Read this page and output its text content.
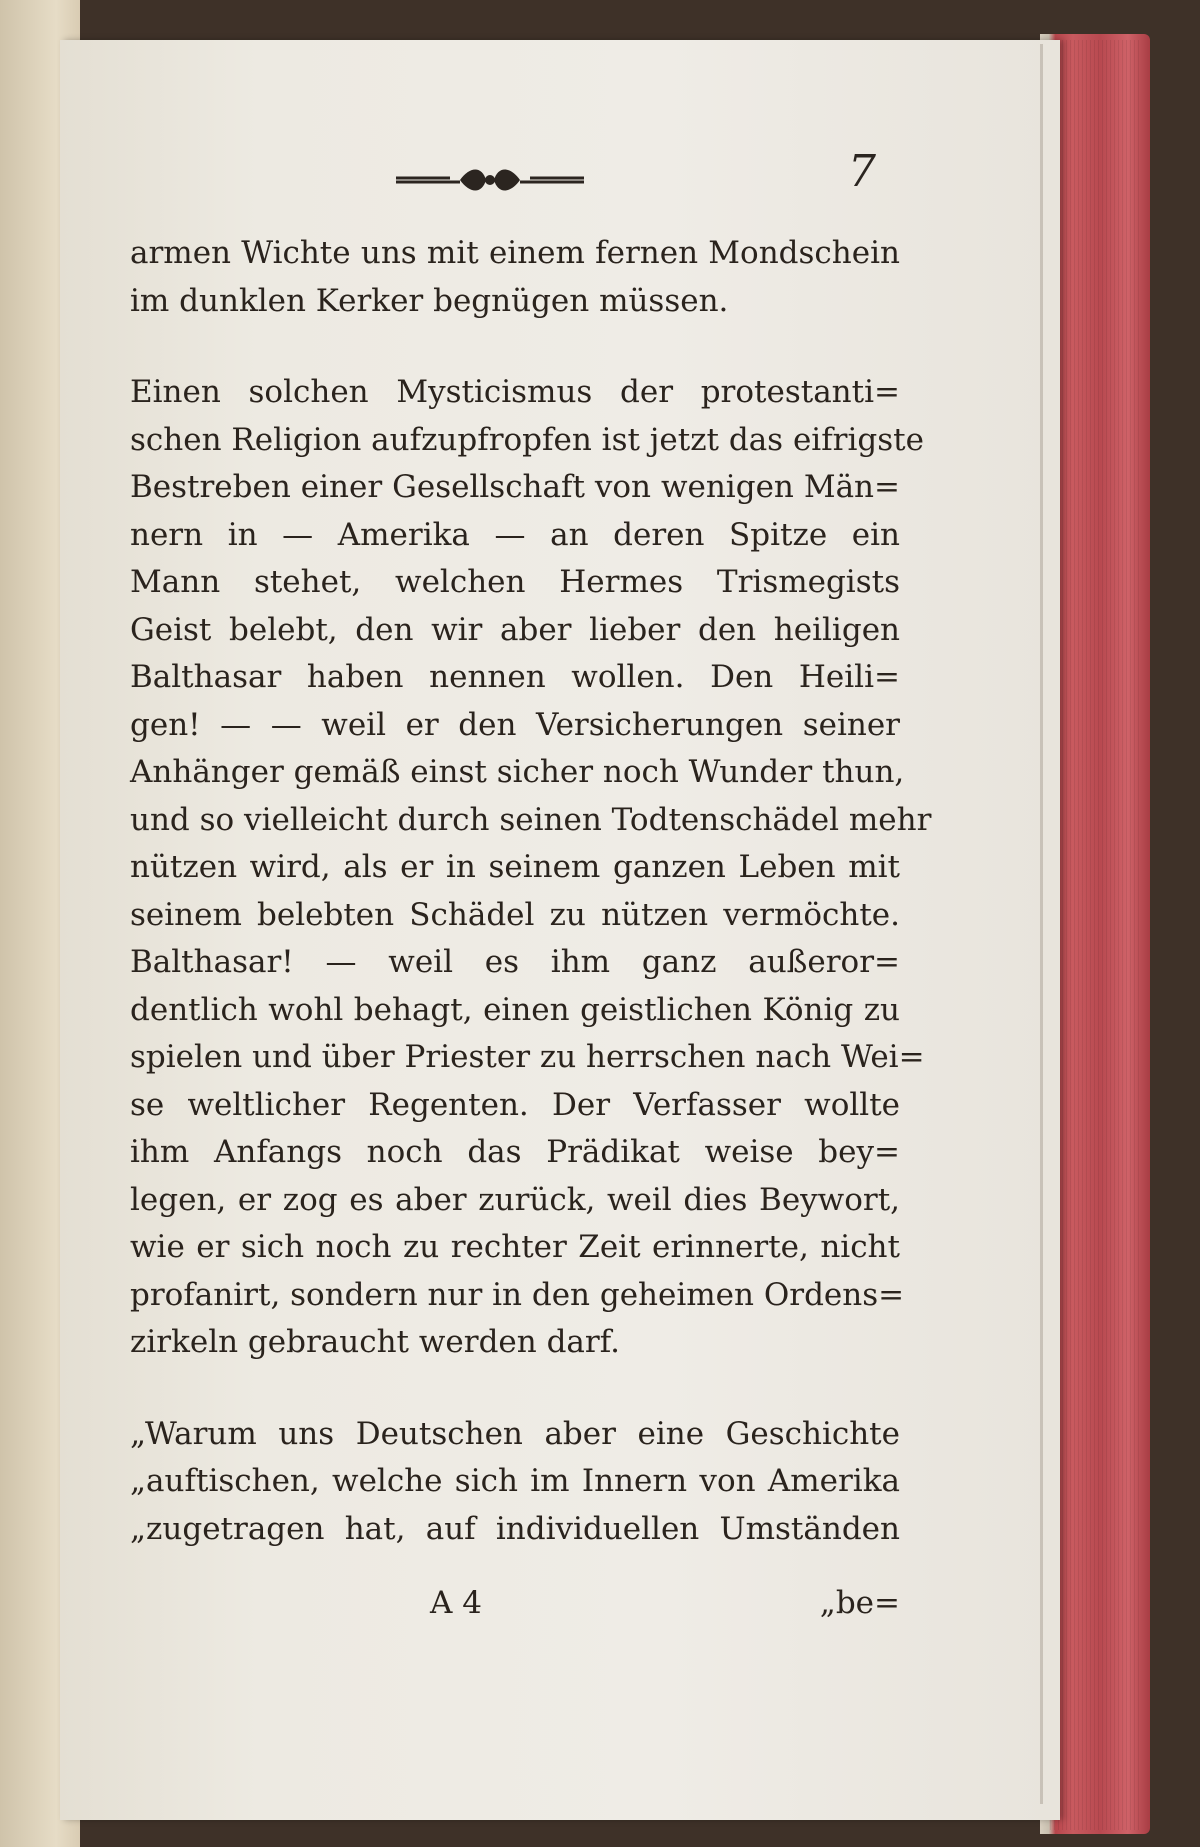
7
armen Wichte uns mit einem fernen Mondschein
im dunklen Kerker begnügen müssen.
Einen solchen Mysticismus der protestanti=
schen Religion aufzupfropfen ist jetzt das eifrigste
Bestreben einer Gesellschaft von wenigen Män=
nern in — Amerika — an deren Spitze ein
Mann stehet, welchen Hermes Trismegists
Geist belebt, den wir aber lieber den heiligen
Balthasar haben nennen wollen. Den Heili=
gen! — — weil er den Versicherungen seiner
Anhänger gemäß einst sicher noch Wunder thun,
und so vielleicht durch seinen Todtenschädel mehr
nützen wird, als er in seinem ganzen Leben mit
seinem belebten Schädel zu nützen vermöchte.
Balthasar! — weil es ihm ganz außeror=
dentlich wohl behagt, einen geistlichen König zu
spielen und über Priester zu herrschen nach Wei=
se weltlicher Regenten. Der Verfasser wollte
ihm Anfangs noch das Prädikat weise bey=
legen, er zog es aber zurück, weil dies Beywort,
wie er sich noch zu rechter Zeit erinnerte, nicht
profanirt, sondern nur in den geheimen Ordens=
zirkeln gebraucht werden darf.
„Warum uns Deutschen aber eine Geschichte
„auftischen, welche sich im Innern von Amerika
„zugetragen hat, auf individuellen Umständen
A 4	„be=
